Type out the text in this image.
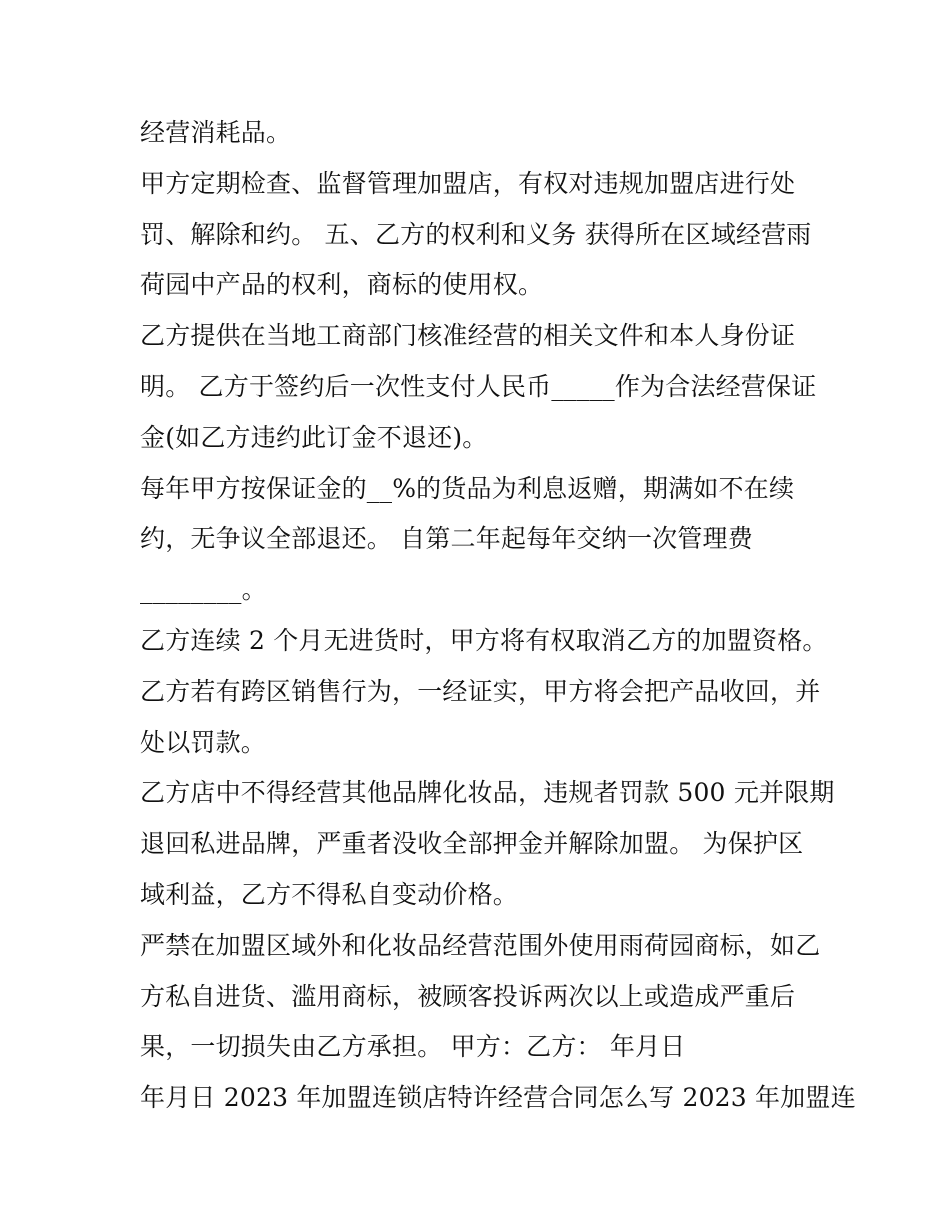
经营消耗品。
甲方定期检查、监督管理加盟店，有权对违规加盟店进行处
罚、解除和约。 五、乙方的权利和义务 获得所在区域经营雨
荷园中产品的权利，商标的使用权。
乙方提供在当地工商部门核准经营的相关文件和本人身份证
明。 乙方于签约后一次性支付人民币_____作为合法经营保证
金(如乙方违约此订金不退还)。
每年甲方按保证金的__%的货品为利息返赠，期满如不在续
约，无争议全部退还。 自第二年起每年交纳一次管理费
________。
乙方连续 2 个月无进货时，甲方将有权取消乙方的加盟资格。
乙方若有跨区销售行为，一经证实，甲方将会把产品收回，并
处以罚款。
乙方店中不得经营其他品牌化妆品，违规者罚款 500 元并限期
退回私进品牌，严重者没收全部押金并解除加盟。 为保护区
域利益，乙方不得私自变动价格。
严禁在加盟区域外和化妆品经营范围外使用雨荷园商标，如乙
方私自进货、滥用商标，被顾客投诉两次以上或造成严重后
果，一切损失由乙方承担。 甲方：乙方： 年月日
年月日 2023 年加盟连锁店特许经营合同怎么写 2023 年加盟连
